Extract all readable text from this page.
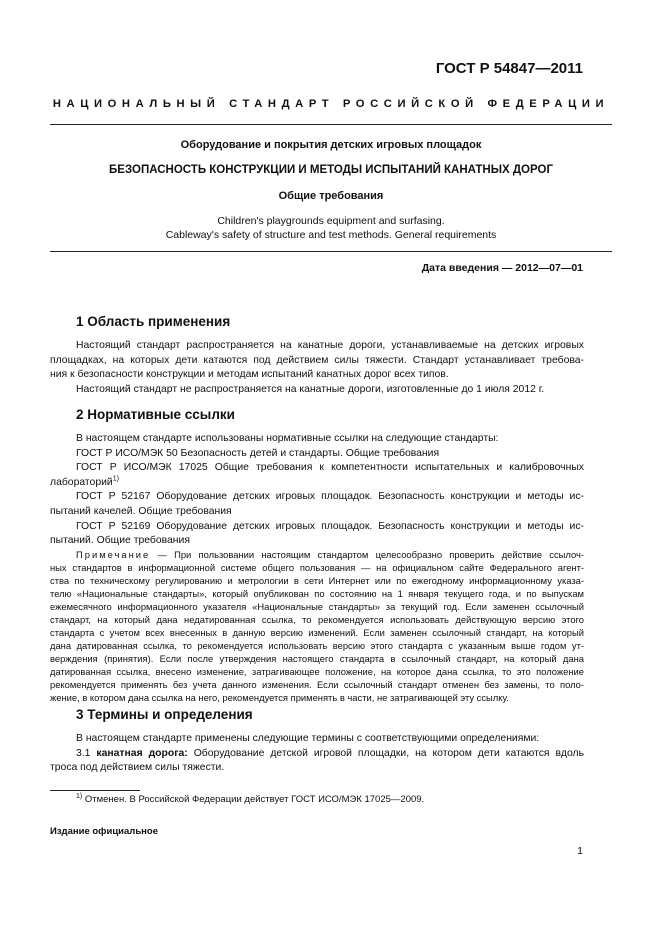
ГОСТ Р 54847—2011
НАЦИОНАЛЬНЫЙ СТАНДАРТ РОССИЙСКОЙ ФЕДЕРАЦИИ
Оборудование и покрытия детских игровых площадок
БЕЗОПАСНОСТЬ КОНСТРУКЦИИ И МЕТОДЫ ИСПЫТАНИЙ КАНАТНЫХ ДОРОГ
Общие требования
Children's playgrounds equipment and surfasing.
Cableway's safety of structure and test methods. General requirements
Дата введения — 2012—07—01
1 Область применения
Настоящий стандарт распространяется на канатные дороги, устанавливаемые на детских игровых
площадках, на которых дети катаются под действием силы тяжести. Стандарт устанавливает требова-
ния к безопасности конструкции и методам испытаний канатных дорог всех типов.
Настоящий стандарт не распространяется на канатные дороги, изготовленные до 1 июля 2012 г.
2 Нормативные ссылки
В настоящем стандарте использованы нормативные ссылки на следующие стандарты:
ГОСТ Р ИСО/МЭК 50 Безопасность детей и стандарты. Общие требования
ГОСТ Р ИСО/МЭК 17025 Общие требования к компетентности испытательных и калибровочных
лабораторий$^{1)}$
ГОСТ Р 52167 Оборудование детских игровых площадок. Безопасность конструкции и методы ис-
пытаний качелей. Общие требования
ГОСТ Р 52169 Оборудование детских игровых площадок. Безопасность конструкции и методы ис-
пытаний. Общие требования
Примечание — При пользовании настоящим стандартом целесообразно проверить действие ссылоч-
ных стандартов в информационной системе общего пользования — на официальном сайте Федерального агент-
ства по техническому регулированию и метрологии в сети Интернет или по ежегодному информационному указа-
телю «Национальные стандарты», который опубликован по состоянию на 1 января текущего года, и по выпускам
ежемесячного информационного указателя «Национальные стандарты» за текущий год. Если заменен ссылочный
стандарт, на который дана недатированная ссылка, то рекомендуется использовать действующую версию этого
стандарта с учетом всех внесенных в данную версию изменений. Если заменен ссылочный стандарт, на который
дана датированная ссылка, то рекомендуется использовать версию этого стандарта с указанным выше годом ут-
верждения (принятия). Если после утверждения настоящего стандарта в ссылочный стандарт, на который дана
датированная ссылка, внесено изменение, затрагивающее положение, на которое дана ссылка, то это положение
рекомендуется применять без учета данного изменения. Если ссылочный стандарт отменен без замены, то поло-
жение, в котором дана ссылка на него, рекомендуется применять в части, не затрагивающей эту ссылку.
3 Термины и определения
В настоящем стандарте применены следующие термины с соответствующими определениями:
3.1 канатная дорога: Оборудование детской игровой площадки, на котором дети катаются вдоль
троса под действием силы тяжести.
$^{1)}$ Отменен. В Российской Федерации действует ГОСТ ИСО/МЭК 17025—2009.
Издание официальное
1
